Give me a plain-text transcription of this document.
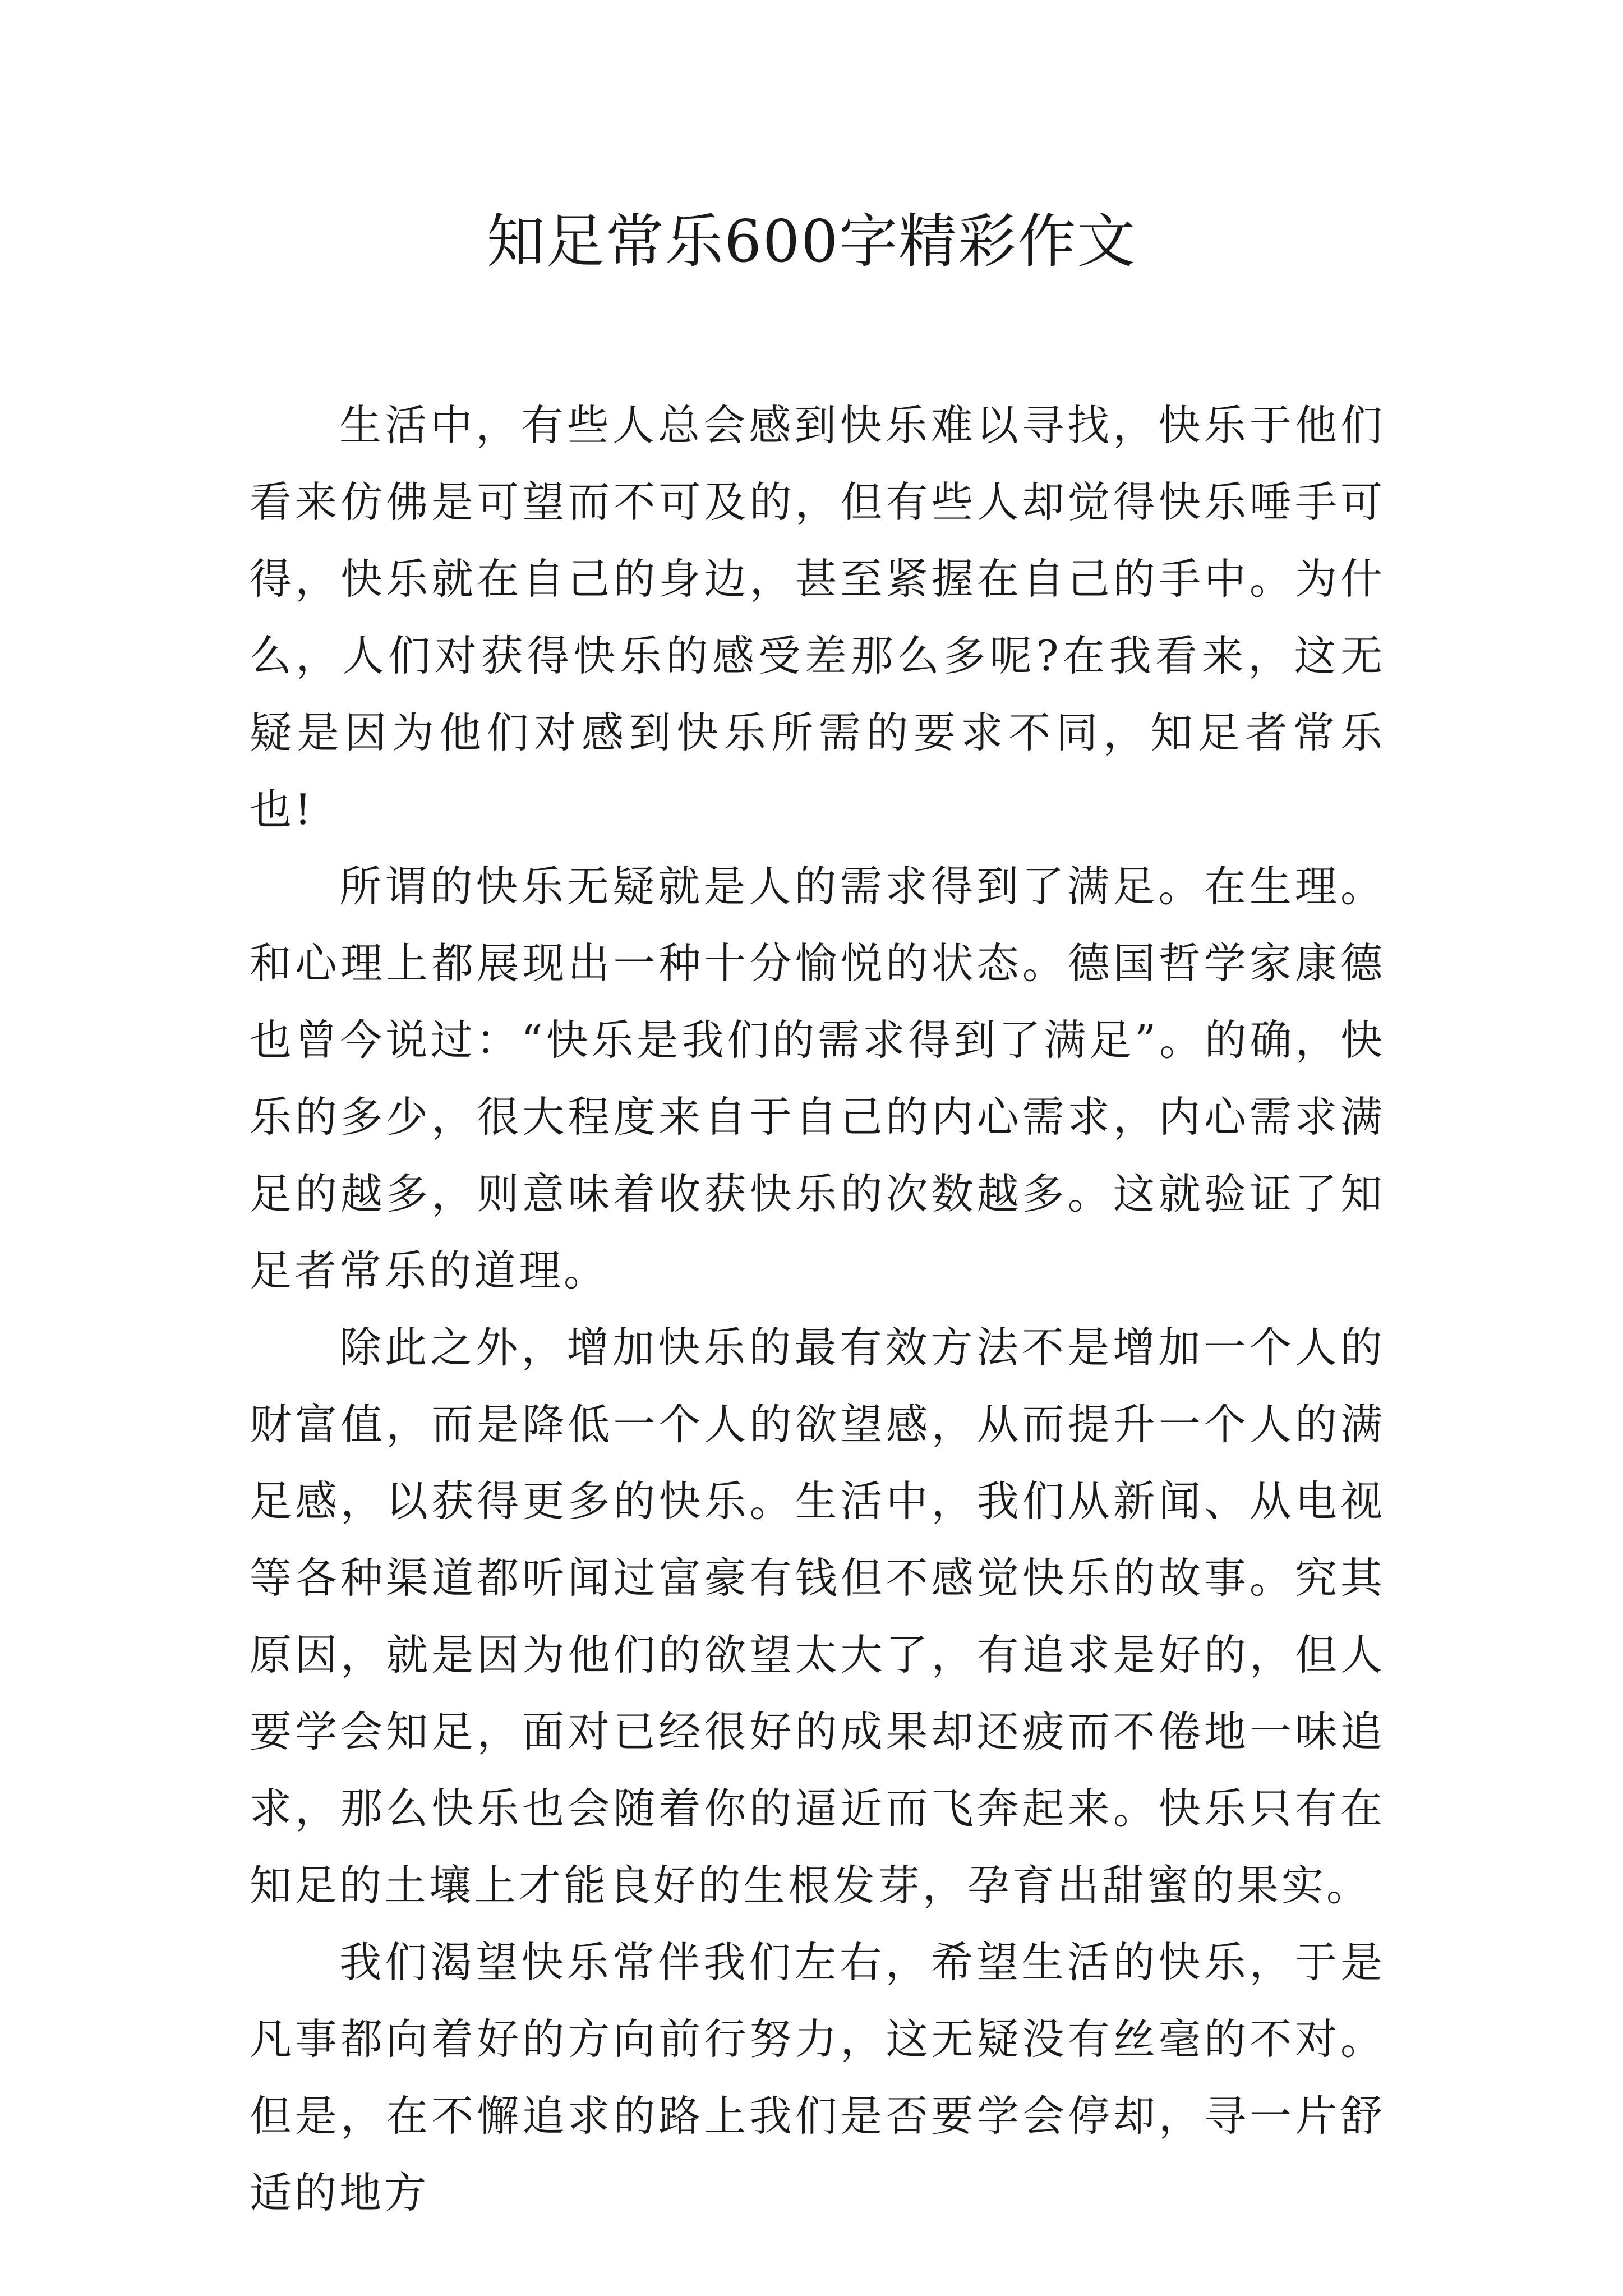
知足常乐600字精彩作文

生活中，有些人总会感到快乐难以寻找，快乐于他们看来仿佛是可望而不可及的，但有些人却觉得快乐唾手可得，快乐就在自己的身边，甚至紧握在自己的手中。为什么，人们对获得快乐的感受差那么多呢?在我看来，这无疑是因为他们对感到快乐所需的要求不同，知足者常乐也!

所谓的快乐无疑就是人的需求得到了满足。在生理。和心理上都展现出一种十分愉悦的状态。德国哲学家康德也曾今说过：“快乐是我们的需求得到了满足”。的确，快乐的多少，很大程度来自于自己的内心需求，内心需求满足的越多，则意味着收获快乐的次数越多。这就验证了知足者常乐的道理。

除此之外，增加快乐的最有效方法不是增加一个人的财富值，而是降低一个人的欲望感，从而提升一个人的满足感，以获得更多的快乐。生活中，我们从新闻、从电视等各种渠道都听闻过富豪有钱但不感觉快乐的故事。究其原因，就是因为他们的欲望太大了，有追求是好的，但人要学会知足，面对已经很好的成果却还疲而不倦地一味追求，那么快乐也会随着你的逼近而飞奔起来。快乐只有在知足的土壤上才能良好的生根发芽，孕育出甜蜜的果实。

我们渴望快乐常伴我们左右，希望生活的快乐，于是凡事都向着好的方向前行努力，这无疑没有丝毫的不对。但是，在不懈追求的路上我们是否要学会停却，寻一片舒适的地方
